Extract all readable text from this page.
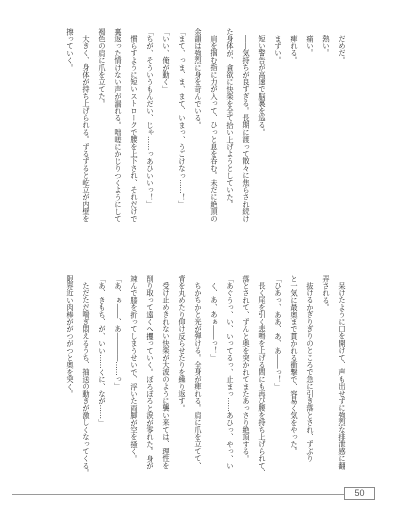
だめだ。
熱い。
痛い。
痺れる。
まずい。
短い警告が高速で脳裏を巡る。
――気持ちが良すぎる。長期に渡って散々に焦らされ続け
た身体が、貪欲に快楽を全て拾い上げようとしていた。
肩を掴む指に力が入って、ひっと息を呑む。未だに絶頂の
余韻は強烈に身を苛んでいる。
「まて、っま、ま、まて、いまっ、うごけなっ……！」
「いい、俺が動く」
「ちが、そういうもんだい、じゃ……っあひいいっ！」
慣らすように短いストロークで腰を上下され、それだけで
裏返った情けない声が漏れる。咄嗟にかじりつくようにして
褐色の肩に爪を立てた。
大きく、身体が持ち上げられる。ずるずると屹立が内壁を
擦っていく。
呆けたように口を開けて、声も出せずに強烈な排泄感に翻
弄される。
抜けるかぎりぎりのところで急に引き落とされ、ずぶり
と一気に最奥まで貫かれる衝撃で、容易く気をやった。
「ひあっ、ああ、あ、あ――っ！」
長く尾を引く悲鳴を上げる間にも再び腰を持ち上げられて、
落とされて、ずんと奥を突かれてまたあっさり絶頂する。
「あぐうっ、い、いってるっ、止まっ……あひっ、やっ、い
く、あ、あぁ――っ！」
ちかちかと光が弾ける。全身が痺れる。肩に爪を立てて、
背を丸めたり仰け反らせたりを繰り返す。
受け止めきれない快楽が大波のように襲い来ては、理性を
削り取って遠くへ攫っていく。ぼろぼろと涙が零れた。身が
竦んで膝を折ってしまうせいで、浮いた両脚が空を掻く。
「あ、ぁ――、あ――――……っ」
「あ、きもち、が、いい……くに、なが……」
ただただ喘ぎ悶えるうち、抽送の動きが激しくなってくる。
限界近い肉棒ががつがつと奥を突く。
50
